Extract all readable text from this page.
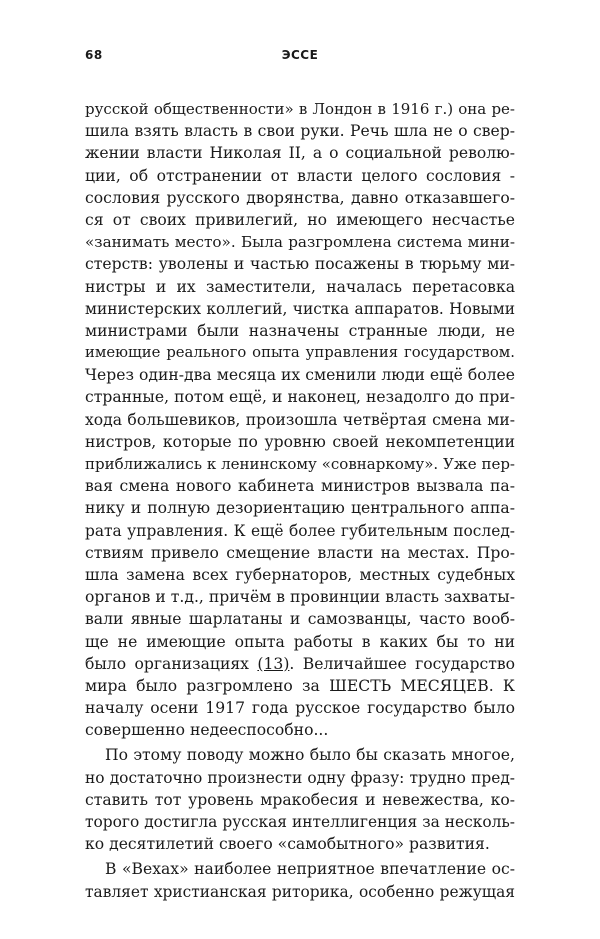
68	ЭССЕ
русской общественности» в Лондон в 1916 г.) она ре-
шила взять власть в свои руки. Речь шла не о свер-
жении власти Николая II, а о социальной револю-
ции, об отстранении от власти целого сословия -
сословия русского дворянства, давно отказавшего-
ся от своих привилегий, но имеющего несчастье
«занимать место». Была разгромлена система мини-
стерств: уволены и частью посажены в тюрьму ми-
нистры и их заместители, началась перетасовка
министерских коллегий, чистка аппаратов. Новыми
министрами были назначены странные люди, не
имеющие реального опыта управления государством.
Через один-два месяца их сменили люди ещё более
странные, потом ещё, и наконец, незадолго до при-
хода большевиков, произошла четвёртая смена ми-
нистров, которые по уровню своей некомпетенции
приближались к ленинскому «совнаркому». Уже пер-
вая смена нового кабинета министров вызвала па-
нику и полную дезориентацию центрального аппа-
рата управления. К ещё более губительным послед-
ствиям привело смещение власти на местах. Про-
шла замена всех губернаторов, местных судебных
органов и т.д., причём в провинции власть захваты-
вали явные шарлатаны и самозванцы, часто вооб-
ще не имеющие опыта работы в каких бы то ни
было организациях (13). Величайшее государство
мира было разгромлено за ШЕСТЬ МЕСЯЦЕВ. К
началу осени 1917 года русское государство было
совершенно недееспособно...
По этому поводу можно было бы сказать многое,
но достаточно произнести одну фразу: трудно пред-
ставить тот уровень мракобесия и невежества, ко-
торого достигла русская интеллигенция за несколь-
ко десятилетий своего «самобытного» развития.
В «Вехах» наиболее неприятное впечатление ос-
тавляет христианская риторика, особенно режущая
